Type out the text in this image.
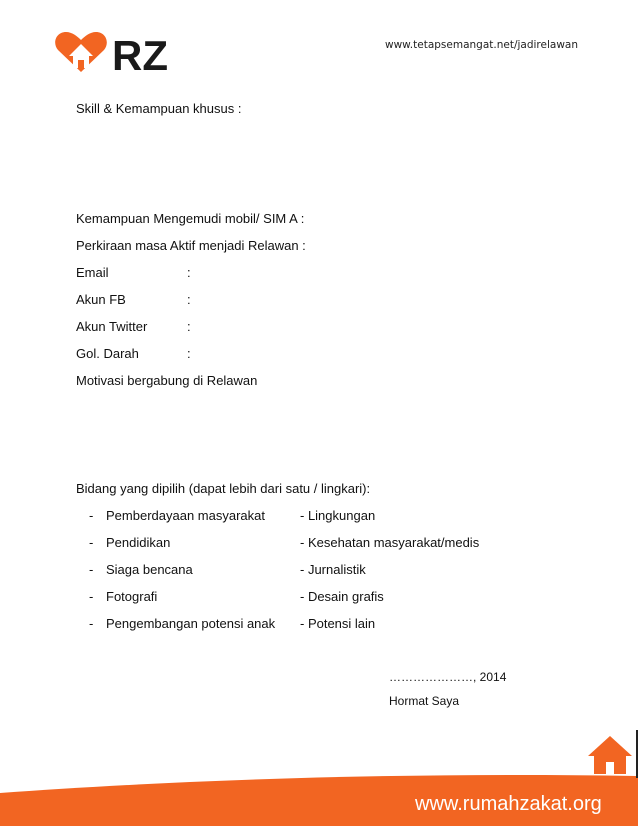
RZ	www.tetapsemangat.net/jadirelawan
Skill & Kemampuan khusus :
Kemampuan Mengemudi mobil/ SIM A :
Perkiraan masa Aktif menjadi Relawan :
Email	:
Akun FB	:
Akun Twitter	:
Gol. Darah	:
Motivasi bergabung di Relawan
Bidang yang dipilih (dapat lebih dari satu / lingkari):
- Pemberdayaan masyarakat	- Lingkungan
- Pendidikan	- Kesehatan masyarakat/medis
- Siaga bencana	- Jurnalistik
- Fotografi	- Desain grafis
- Pengembangan potensi anak - Potensi lain
…………………, 2014
Hormat Saya
www.rumahzakat.org
